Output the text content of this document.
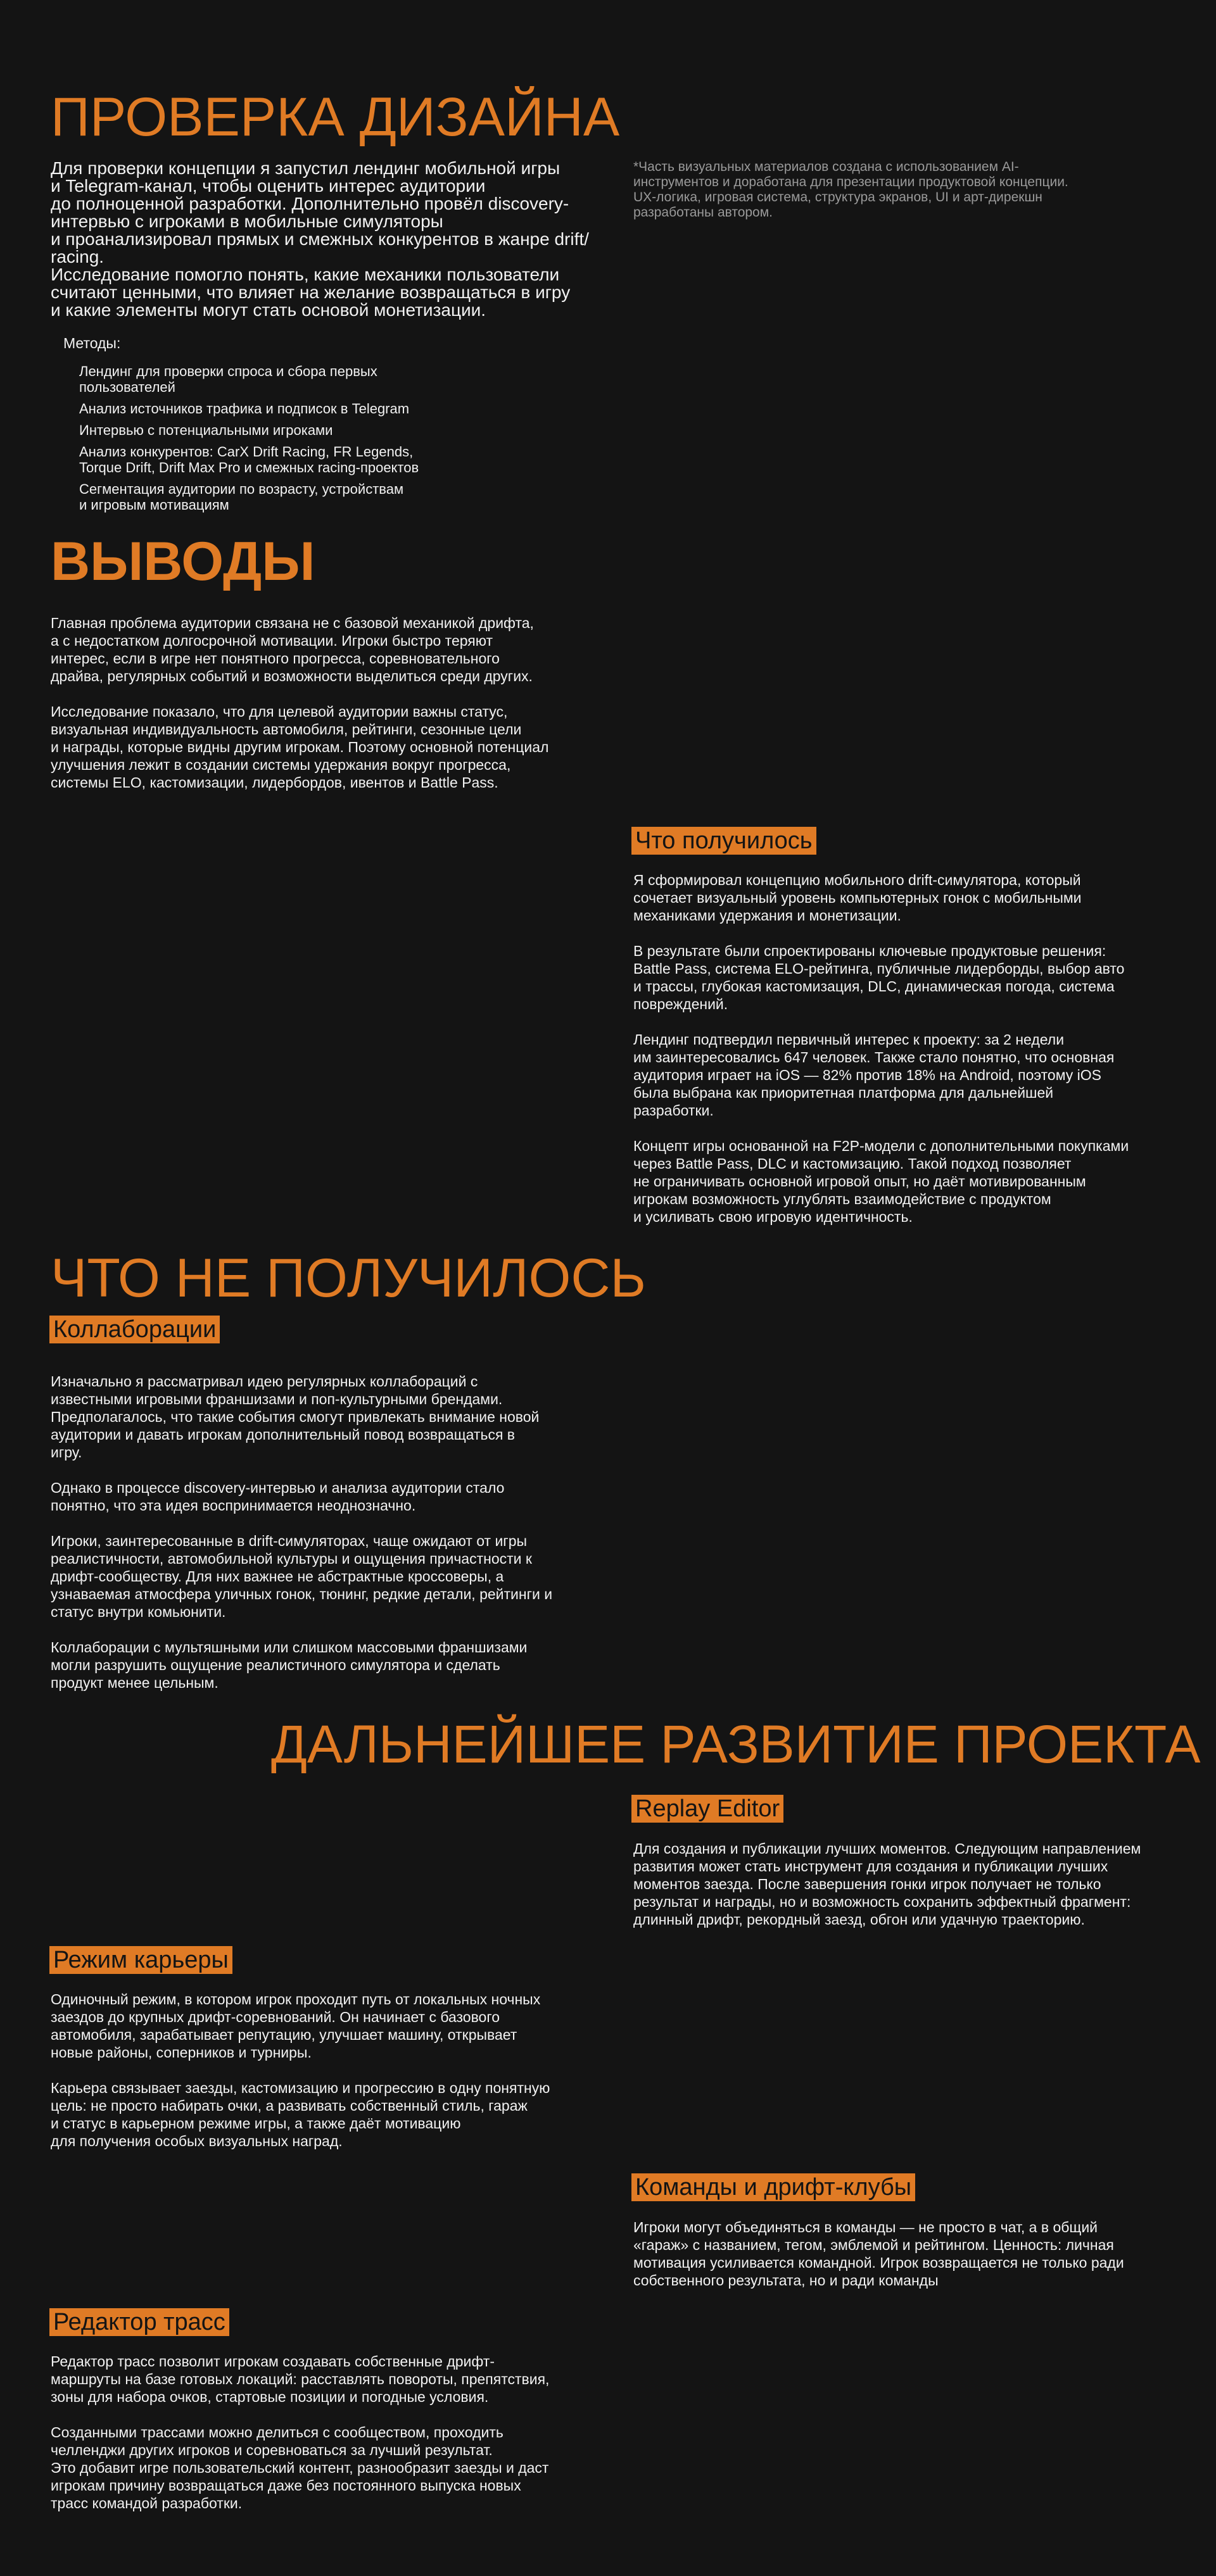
ПРОВЕРКА ДИЗАЙНА
Для проверки концепции я запустил лендинг мобильной игры
и Telegram-канал, чтобы оценить интерес аудитории
до полноценной разработки. Дополнительно провёл discovery-
интервью с игроками в мобильные симуляторы
и проанализировал прямых и смежных конкурентов в жанре drift/
racing.
Исследование помогло понять, какие механики пользователи
считают ценными, что влияет на желание возвращаться в игру
и какие элементы могут стать основой монетизации.
*Часть визуальных материалов создана с использованием AI-
инструментов и доработана для презентации продуктовой концепции.
UX-логика, игровая система, структура экранов, UI и арт-дирекшн
разработаны автором.
Методы:
Лендинг для проверки спроса и сбора первых
пользователей
Анализ источников трафика и подписок в Telegram
Интервью с потенциальными игроками
Анализ конкурентов: CarX Drift Racing, FR Legends,
Torque Drift, Drift Max Pro и смежных racing-проектов
Сегментация аудитории по возрасту, устройствам
и игровым мотивациям
ВЫВОДЫ

Главная проблема аудитории связана не с базовой механикой дрифта,
а с недостатком долгосрочной мотивации. Игроки быстро теряют
интерес, если в игре нет понятного прогресса, соревновательного
драйва, регулярных событий и возможности выделиться среди других.

Исследование показало, что для целевой аудитории важны статус,
визуальная индивидуальность автомобиля, рейтинги, сезонные цели
и награды, которые видны другим игрокам. Поэтому основной потенциал
улучшения лежит в создании системы удержания вокруг прогресса,
системы ELO, кастомизации, лидербордов, ивентов и Battle Pass.

Что получилось

Я сформировал концепцию мобильного drift-симулятора, который
сочетает визуальный уровень компьютерных гонок с мобильными
механиками удержания и монетизации.

В результате были спроектированы ключевые продуктовые решения:
Battle Pass, система ELO-рейтинга, публичные лидерборды, выбор авто
и трассы, глубокая кастомизация, DLC, динамическая погода, система
повреждений.

Лендинг подтвердил первичный интерес к проекту: за 2 недели
им заинтересовались 647 человек. Также стало понятно, что основная
аудитория играет на iOS — 82% против 18% на Android, поэтому iOS
была выбрана как приоритетная платформа для дальнейшей
разработки.

Концепт игры основанной на F2P-модели с дополнительными покупками
через Battle Pass, DLC и кастомизацию. Такой подход позволяет
не ограничивать основной игровой опыт, но даёт мотивированным
игрокам возможность углублять взаимодействие с продуктом
и усиливать свою игровую идентичность.

ЧТО НЕ ПОЛУЧИЛОСЬ
Коллаборации

Изначально я рассматривал идею регулярных коллабораций с
известными игровыми франшизами и поп-культурными брендами.
Предполагалось, что такие события смогут привлекать внимание новой
аудитории и давать игрокам дополнительный повод возвращаться в
игру.

Однако в процессе discovery-интервью и анализа аудитории стало
понятно, что эта идея воспринимается неоднозначно.

Игроки, заинтересованные в drift-симуляторах, чаще ожидают от игры
реалистичности, автомобильной культуры и ощущения причастности к
дрифт-сообществу. Для них важнее не абстрактные кроссоверы, а
узнаваемая атмосфера уличных гонок, тюнинг, редкие детали, рейтинги и
статус внутри комьюнити.

Коллаборации с мультяшными или слишком массовыми франшизами
могли разрушить ощущение реалистичного симулятора и сделать
продукт менее цельным.

ДАЛЬНЕЙШЕЕ РАЗВИТИЕ ПРОЕКТА
Replay Editor

Для создания и публикации лучших моментов. Следующим направлением
развития может стать инструмент для создания и публикации лучших
моментов заезда. После завершения гонки игрок получает не только
результат и награды, но и возможность сохранить эффектный фрагмент:
длинный дрифт, рекордный заезд, обгон или удачную траекторию.

Режим карьеры

Одиночный режим, в котором игрок проходит путь от локальных ночных
заездов до крупных дрифт-соревнований. Он начинает с базового
автомобиля, зарабатывает репутацию, улучшает машину, открывает
новые районы, соперников и турниры.

Карьера связывает заезды, кастомизацию и прогрессию в одну понятную
цель: не просто набирать очки, а развивать собственный стиль, гараж
и статус в карьерном режиме игры, а также даёт мотивацию
для получения особых визуальных наград.

Команды и дрифт-клубы

Игроки могут объединяться в команды — не просто в чат, а в общий
«гараж» с названием, тегом, эмблемой и рейтингом. Ценность: личная
мотивация усиливается командной. Игрок возвращается не только ради
собственного результата, но и ради команды

Редактор трасс

Редактор трасс позволит игрокам создавать собственные дрифт-
маршруты на базе готовых локаций: расставлять повороты, препятствия,
зоны для набора очков, стартовые позиции и погодные условия.

Созданными трассами можно делиться с сообществом, проходить
челленджи других игроков и соревноваться за лучший результат.
Это добавит игре пользовательский контент, разнообразит заезды и даст
игрокам причину возвращаться даже без постоянного выпуска новых
трасс командой разработки.
